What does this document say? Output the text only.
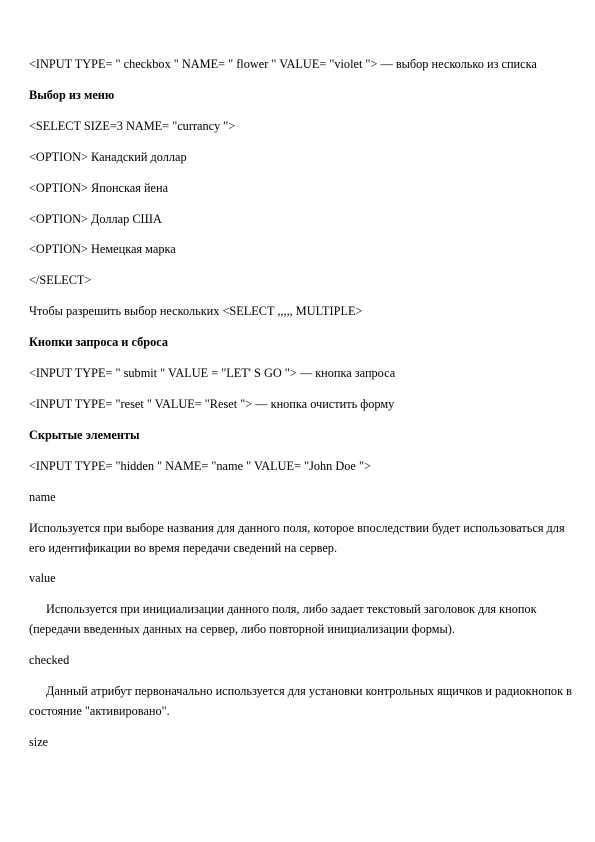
<INPUT TYPE= " checkbox " NAME= " flower " VALUE= "violet "> — выбор несколько из списка

Выбор из меню

<SELECT SIZE=3 NAME= "currancy ">

<OPTION> Канадский доллар

<OPTION> Японская йена

<OPTION> Доллар США

<OPTION> Немецкая марка

</SELECT>

Чтобы разрешить выбор нескольких <SELECT ,,,,, MULTIPLE>

Кнопки запроса и сброса

<INPUT TYPE= " submit " VALUE = "LET' S GO "> — кнопка запроса

<INPUT TYPE= "reset " VALUE= "Reset "> — кнопка очистить форму

Скрытые элементы

<INPUT TYPE= "hidden " NAME= "name " VALUE= "John Doe ">

name

Используется при выборе названия для данного поля, которое впоследствии будет использоваться для его идентификации во время передачи сведений на сервер.

value

Используется при инициализации данного поля, либо задает текстовый заголовок для кнопок (передачи введенных данных на сервер, либо повторной инициализации формы).

checked

Данный атрибут первоначально используется для установки контрольных ящичков и радиокнопок в состояние "активировано".

size
